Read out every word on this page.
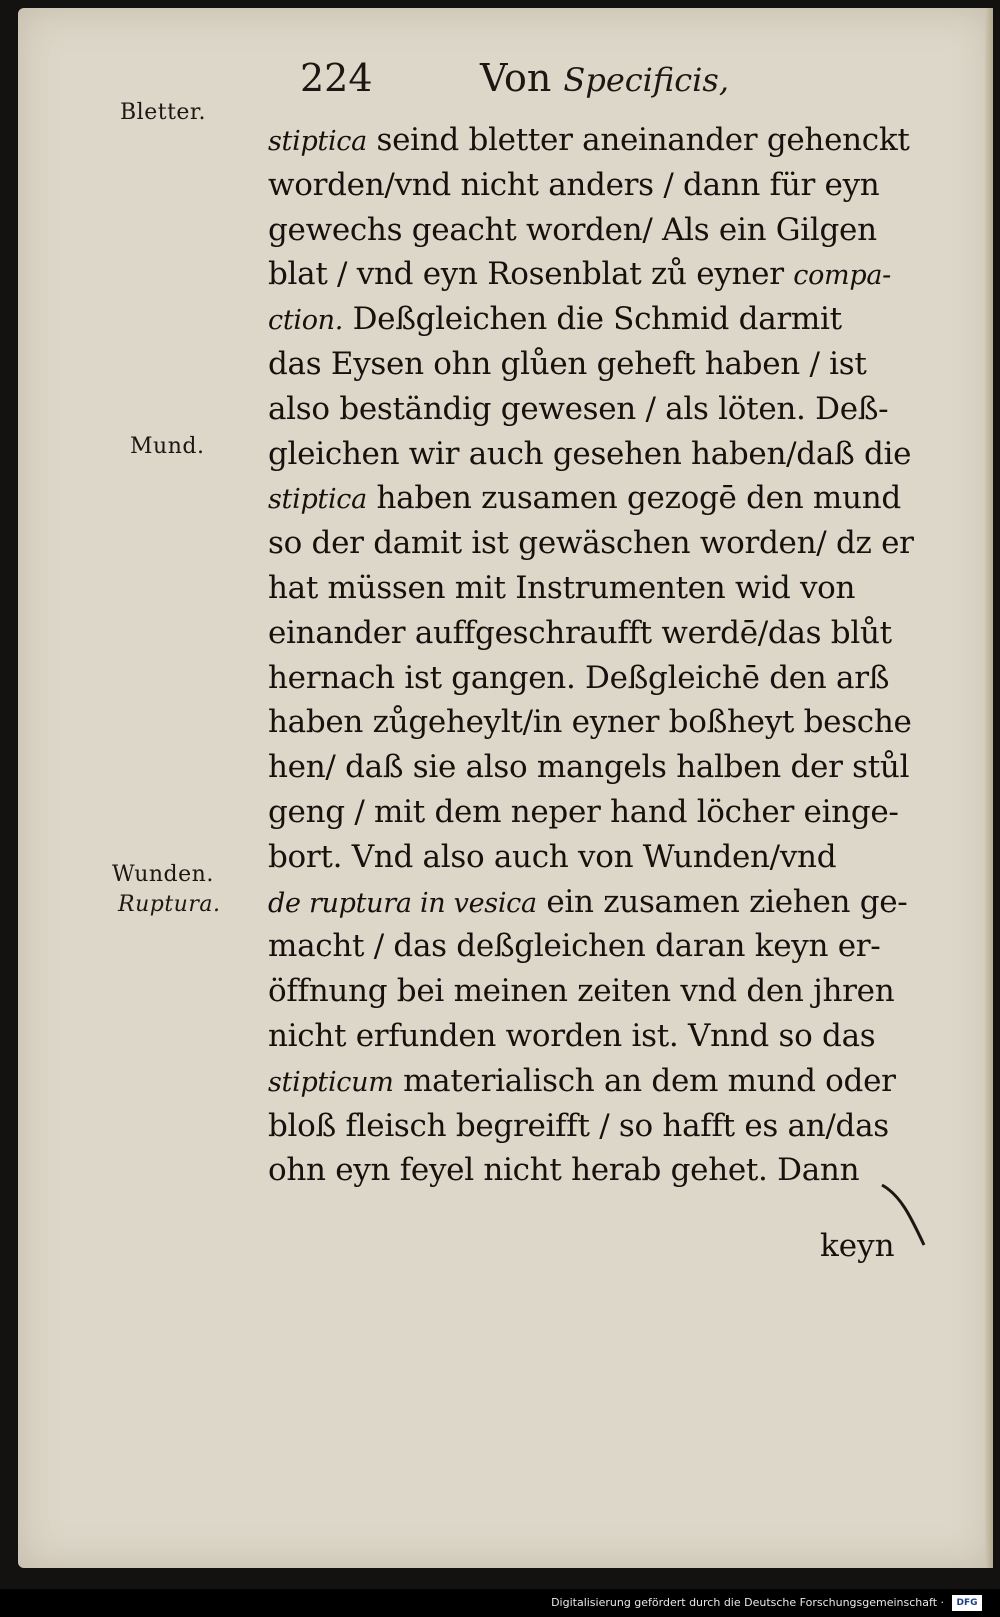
224	Von Specificis,
Bletter.
Mund.
Wunden.
Ruptura.
stiptica seind bletter aneinander gehenckt
worden/vnd nicht anders / dann für eyn
gewechs geacht worden/ Als ein Gilgen
blat / vnd eyn Rosenblat zů eyner compa-
ction. Deßgleichen die Schmid darmit
das Eysen ohn glůen geheft haben / ist
also beständig gewesen / als löten. Deß-
gleichen wir auch gesehen haben/daß die
stiptica haben zusamen gezogē den mund
so der damit ist gewäschen worden/ dz er
hat müssen mit Instrumenten wid von
einander auffgeschraufft werdē/das blůt
hernach ist gangen. Deßgleichē den arß
haben zůgeheylt/in eyner boßheyt besche
hen/ daß sie also mangels halben der stůl
geng / mit dem neper hand löcher einge-
bort. Vnd also auch von Wunden/vnd
de ruptura in vesica ein zusamen ziehen ge-
macht / das deßgleichen daran keyn er-
öffnung bei meinen zeiten vnd den jhren
nicht erfunden worden ist. Vnnd so das
stipticum materialisch an dem mund oder
bloß fleisch begreifft / so hafft es an/das
ohn eyn feyel nicht herab gehet. Dann
keyn
Digitalisierung gefördert durch die Deutsche Forschungsgemeinschaft ·	DFG
